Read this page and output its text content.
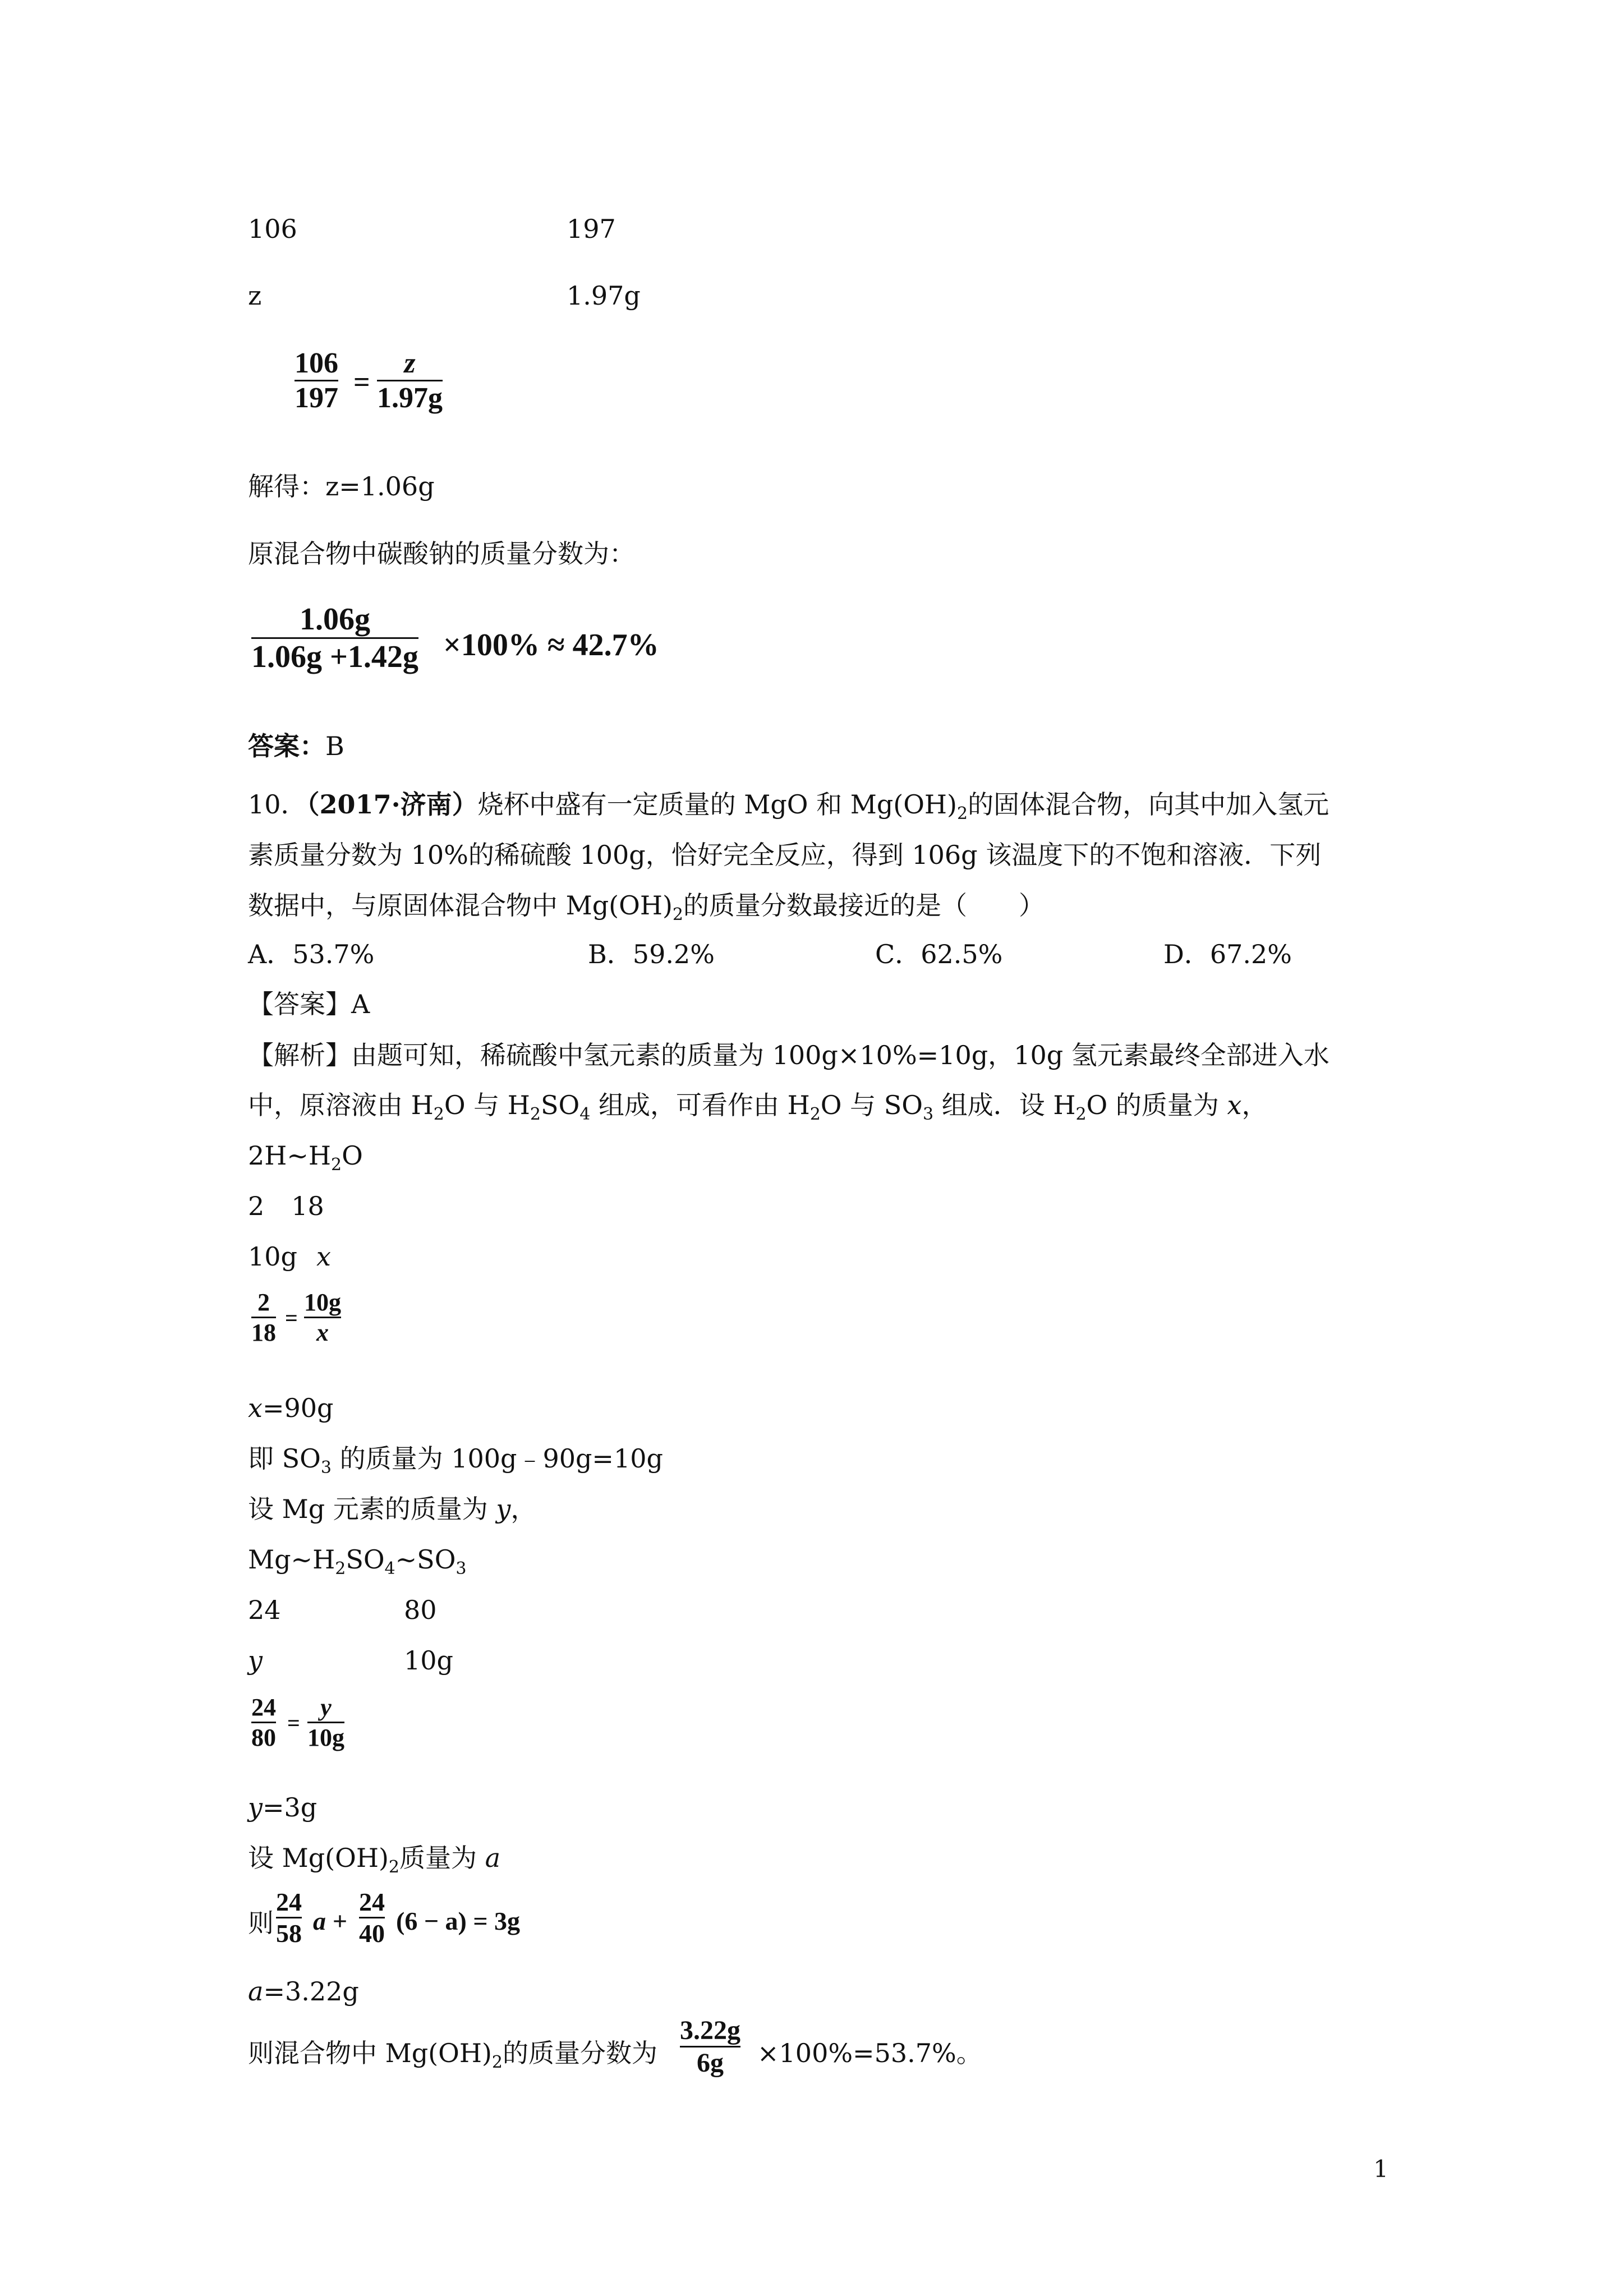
106	197
z	1.97g
106
197 =
z
1.97g
解得：z=1.06g
原混合物中碳酸钠的质量分数为：
1.06g
1.06g +1.42g ×100% ≈ 42.7%
答案：B
10．（2017·济南）烧杯中盛有一定质量的 MgO 和 $Mg(OH)_2$的固体混合物，向其中加入氢元
素质量分数为 10%的稀硫酸 100g，恰好完全反应，得到 106g 该温度下的不饱和溶液．下列
数据中，与原固体混合物中 $Mg(OH)_2$的质量分数最接近的是（　　）
A．53.7%	B．59.2%	C．62.5%	D．67.2%
【答案】A
【解析】由题可知，稀硫酸中氢元素的质量为 100g×10%=10g，10g 氢元素最终全部进入水
中，原溶液由 $H_2O$ 与 $H_2SO_4$ 组成，可看作由 $H_2O$ 与 $SO_3$ 组成．设 $H_2O$ 的质量为 x，
$2H\sim H_2O$
2 18
10g x
2
18
=
10g
x
x=90g
即 $SO_3$ 的质量为 100g﹣90g=10g
设 Mg 元素的质量为 y，
$Mg\sim H_2SO_4\sim SO_3$
24	80
y	10g
24
80
=
y
10g
y=3g
设 $Mg(OH)_2$质量为 a
则
24
58 a +
24
40 (6 − a) = 3g
a=3.22g
则混合物中 $Mg(OH)_2$的质量分数为
3.22g
6g ×100%=53.7%。
1
